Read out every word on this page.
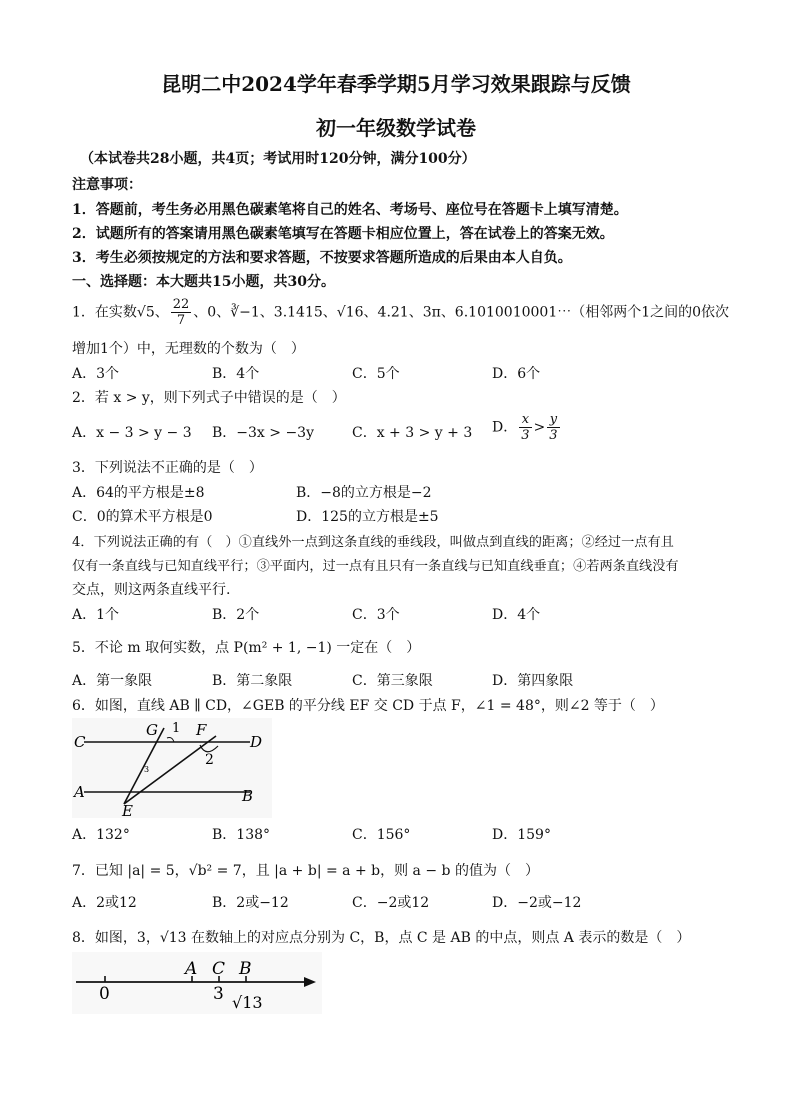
昆明二中2024学年春季学期5月学习效果跟踪与反馈
初一年级数学试卷
（本试卷共28小题，共4页；考试用时120分钟，满分100分）
注意事项：
1．答题前，考生务必用黑色碳素笔将自己的姓名、考场号、座位号在答题卡上填写清楚。
2．试题所有的答案请用黑色碳素笔填写在答题卡相应位置上，答在试卷上的答案无效。
3．考生必须按规定的方法和要求答题，不按要求答题所造成的后果由本人自负。
一、选择题：本大题共15小题，共30分。
1．在实数√5、 $\frac{22}{7}$ 、0、∛−1、3.1415、√16、4.21、3π、6.1010010001⋯（相邻两个1之间的0依次
增加1个）中，无理数的个数为（　）
A．3个	B．4个	C．5个	D．6个
2．若 x > y，则下列式子中错误的是（　）
A．x − 3 > y − 3 B．−3x > −3y	C．x + 3 > y + 3 D． $\frac{x}{3} > \frac{y}{3}$
3．下列说法不正确的是（　）
A．64的平方根是±8	B．−8的立方根是−2
C．0的算术平方根是0	D．125的立方根是±5
4．下列说法正确的有（　）①直线外一点到这条直线的垂线段，叫做点到直线的距离；②经过一点有且
仅有一条直线与已知直线平行；③平面内，过一点有且只有一条直线与已知直线垂直；④若两条直线没有
交点，则这两条直线平行.
A．1个	B．2个	C．3个	D．4个
5．不论 m 取何实数，点 P(m² + 1, −1) 一定在（　）
A．第一象限	B．第二象限	C．第三象限	D．第四象限
6．如图，直线 AB ∥ CD，∠GEB 的平分线 EF 交 CD 于点 F，∠1 = 48°，则∠2 等于（　）
C	D
A	B
G	F
E
1
2
3
A．132°	B．138°	C．156°	D．159°
7．已知 |a| = 5，√b² = 7，且 |a + b| = a + b，则 a − b 的值为（　）
A．2或12	B．2或−12	C．−2或12	D．−2或−12
8．如图，3，√13 在数轴上的对应点分别为 C，B，点 C 是 AB 的中点，则点 A 表示的数是（　）
0	3 √13
A C B
